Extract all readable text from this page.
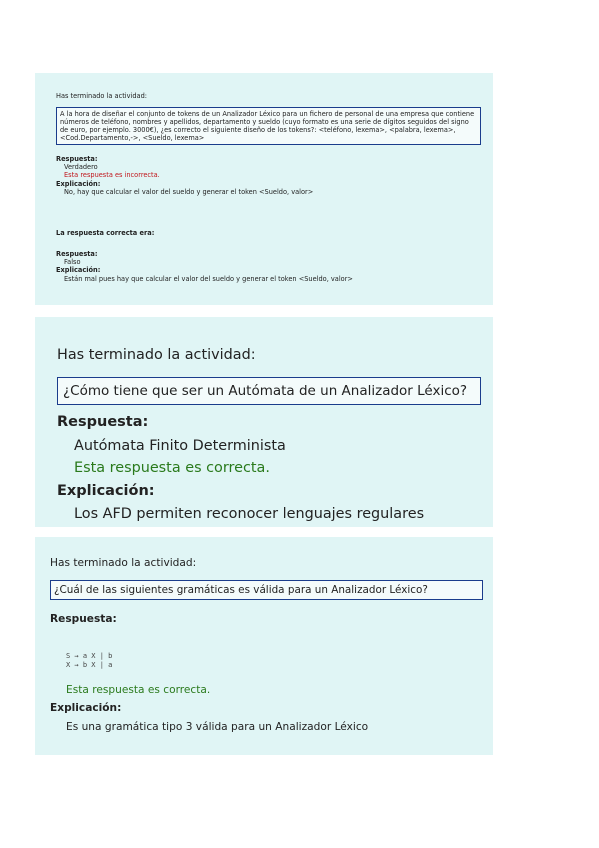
Has terminado la actividad:
A la hora de diseñar el conjunto de tokens de un Analizador Léxico para un fichero de personal de una empresa que contiene números de teléfono, nombres y apellidos, departamento y sueldo (cuyo formato es una serie de dígitos seguidos del signo de euro, por ejemplo. 3000€), ¿es correcto el siguiente diseño de los tokens?: <teléfono, lexema>, <palabra, lexema>, <Cod.Departamento,->, <Sueldo, lexema>
Respuesta:
Verdadero
Esta respuesta es incorrecta.
Explicación:
No, hay que calcular el valor del sueldo y generar el token <Sueldo, valor>
La respuesta correcta era:
Respuesta:
Falso
Explicación:
Están mal pues hay que calcular el valor del sueldo y generar el token <Sueldo, valor>
Has terminado la actividad:
¿Cómo tiene que ser un Autómata de un Analizador Léxico?
Respuesta:
Autómata Finito Determinista
Esta respuesta es correcta.
Explicación:
Los AFD permiten reconocer lenguajes regulares
Has terminado la actividad:
¿Cuál de las siguientes gramáticas es válida para un Analizador Léxico?
Respuesta:
S → a X | b
X → b X | a
Esta respuesta es correcta.
Explicación:
Es una gramática tipo 3 válida para un Analizador Léxico
